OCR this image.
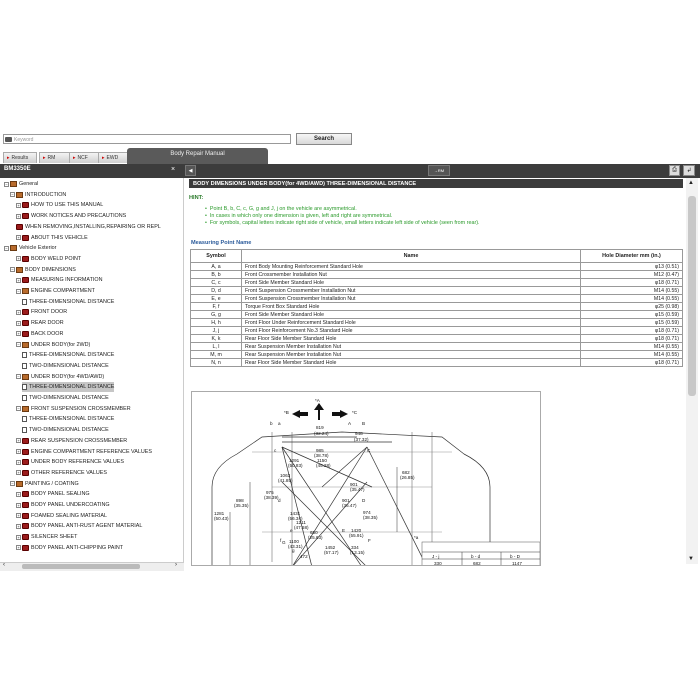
Keyword	Search
▸ Results	▸ RM	▸ NCF	▸ EWD
Body Repair Manual
BM3350E	×	◀	→RM	⎙	↲
− General
− INTRODUCTION
+ HOW TO USE THIS MANUAL
+ WORK NOTICES AND PRECAUTIONS
WHEN REMOVING,INSTALLING,REPAIRING OR REPL
+ ABOUT THIS VEHICLE
− Vehicle Exterior
+ BODY WELD POINT
− BODY DIMENSIONS
+ MEASURING INFORMATION
− ENGINE COMPARTMENT
THREE-DIMENSIONAL DISTANCE
+ FRONT DOOR
+ REAR DOOR
+ BACK DOOR
− UNDER BODY(for 2WD)
THREE-DIMENSIONAL DISTANCE
TWO-DIMENSIONAL DISTANCE
− UNDER BODY(for 4WD/AWD)
THREE-DIMENSIONAL DISTANCE
TWO-DIMENSIONAL DISTANCE
− FRONT SUSPENSION CROSSMEMBER
THREE-DIMENSIONAL DISTANCE
TWO-DIMENSIONAL DISTANCE
+ REAR SUSPENSION CROSSMEMBER
+ ENGINE COMPARTMENT REFERENCE VALUES
+ UNDER BODY REFERENCE VALUES
+ OTHER REFERENCE VALUES
− PAINTING / COATING
+ BODY PANEL SEALING
+ BODY PANEL UNDERCOATING
+ FOAMED SEALING MATERIAL
+ BODY PANEL ANTI-RUST AGENT MATERIAL
+ SILENCER SHEET
+ BODY PANEL ANTI-CHIPPING PAINT
‹	›
BODY DIMENSIONS UNDER BODY(for 4WD/AWD) THREE-DIMENSIONAL DISTANCE
HINT:
•  Point B, b, C, c, G, g and J, j on the vehicle are asymmetrical.
•  In cases in which only one dimension is given, left and right are symmetrical.
•  For symbols, capital letters indicate right side of vehicle, small letters indicate left side of vehicle (seen from rear).
Measuring Point Name
Symbol	Name	Hole Diameter mm (in.)
A, a	Front Body Mounting Reinforcement Standard Hole	φ13 (0.51)
B, b	Front Crossmember Installation Nut	M12 (0.47)
C, c	Front Side Member Standard Hole	φ18 (0.71)
D, d	Front Suspension Crossmember Installation Nut	M14 (0.55)
E, e	Front Suspension Crossmember Installation Nut	M14 (0.55)
F, f	Torque Front Box Standard Hole	φ25 (0.98)
G, g	Front Side Member Standard Hole	φ15 (0.59)
H, h	Front Floor Under Reinforcement Standard Hole	φ15 (0.59)
J, j	Front Floor Reinforcement No.3 Standard Hole	φ18 (0.71)
K, k	Rear Floor Side Member Standard Hole	φ18 (0.71)
L, l	Rear Suspension Member Installation Nut	M14 (0.55)
M, m	Rear Suspension Member Installation Nut	M14 (0.55)
N, n	Rear Floor Side Member Standard Hole	φ18 (0.71)
*A
*B	*C
819
(32.24)	948
(37.32)
985
(38.78)
1291
(50.83)
1150
(45.28)
1063
(41.85)
975
(38.39)
898
(35.35)
1281
(50.43)
1431
(56.34)
1211
(47.68)
901
(35.47)
901
(35.47)
682
(26.85)
974
(38.35)
650
(25.63)
1100
(43.31)	1452
(57.17)
334
(13.15)
1420
(55.91)
472
A B
C
D
E
F
G
a
b
c
d
e
f
g
*a
J - j	b - d	b - D
330	682	1147
▲
▼
